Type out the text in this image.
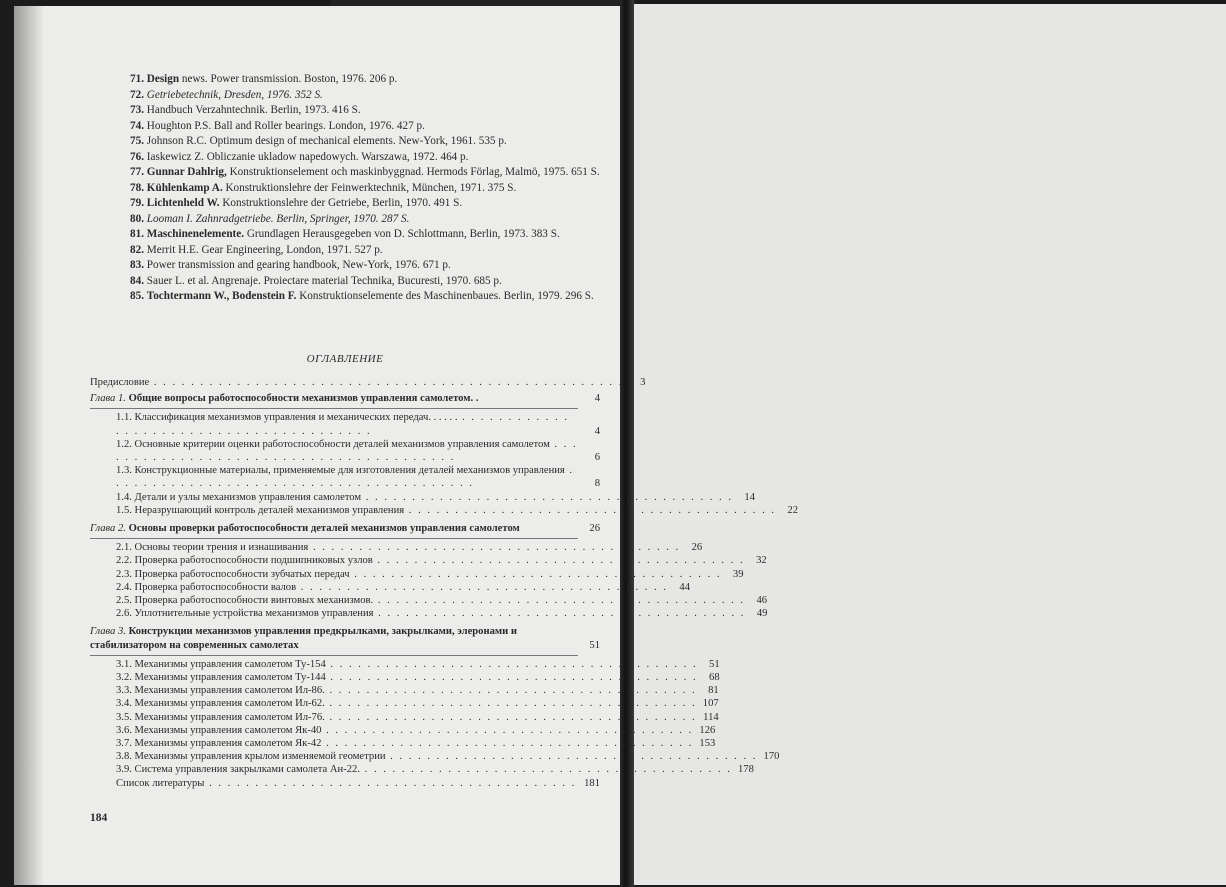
71. Design news. Power transmission. Boston, 1976. 206 p.

72. Getriebetechnik, Dresden, 1976. 352 S.

73. Handbuch Verzahntechnik. Berlin, 1973. 416 S.

74. Houghton P.S. Ball and Roller bearings. London, 1976. 427 p.

75. Johnson R.C. Optimum design of mechanical elements. New-York, 1961. 535 p.

76. Iaskewicz Z. Obliczanie ukladow napedowych. Warszawa, 1972. 464 p.

77. Gunnar Dahlrig, Konstruktionselement och maskinbyggnad. Hermods Förlag, Malmö, 1975. 651 S.

78. Kühlenkamp A. Konstruktionslehre der Feinwerktechnik, München, 1971. 375 S.

79. Lichtenheld W. Konstruktionslehre der Getriebe, Berlin, 1970. 491 S.

80. Looman I. Zahnradgetriebe. Berlin, Springer, 1970. 287 S.

81. Maschinenelemente. Grundlagen Herausgegeben von D. Schlottmann, Berlin, 1973. 383 S.

82. Merrit H.E. Gear Engineering, London, 1971. 527 p.

83. Power transmission and gearing handbook, New-York, 1976. 671 p.

84. Sauer L. et al. Angrenaje. Proiectare material Technika, Bucuresti, 1970. 685 p.

85. Tochtermann W., Bodenstein F. Konstruktionselemente des Maschinenbaues. Berlin, 1979. 296 S.

ОГЛАВЛЕНИЕ
Предисловие . . . . . . . . . . . . . . . . . . . . . . . . . . . . . . . . . . . . . . . . . . . . . . . . . . .	3
Глава 1. Общие вопросы работоспособности механизмов управления самолетом. .	4
1.1. Классификация механизмов управления и механических передач. . . . . . . . . . . . . . . . . . . . . . . . . . . . . . . . . . . . . . . . . . . . . .	4
1.2. Основные критерии оценки работоспособности деталей механизмов управления самолетом . . . . . . . . . . . . . . . . . . . . . . . . . . . . . . . . . . . . . . . .	6
1.3. Конструкционные материалы, применяемые для изготовления деталей механизмов управления . . . . . . . . . . . . . . . . . . . . . . . . . . . . . . . . . . . . . . . .	8
1.4. Детали и узлы механизмов управления самолетом . . . . . . . . . . . . . . . . . . . . . . . . . . . . . . . . . . . . . . . .	14
1.5. Неразрушающий контроль деталей механизмов управления . . . . . . . . . . . . . . . . . . . . . . . . . . . . . . . . . . . . . . . .	22
Глава 2. Основы проверки работоспособности деталей механизмов управления самолетом	26
2.1. Основы теории трения и изнашивания . . . . . . . . . . . . . . . . . . . . . . . . . . . . . . . . . . . . . . . .	26
2.2. Проверка работоспособности подшипниковых узлов . . . . . . . . . . . . . . . . . . . . . . . . . . . . . . . . . . . . . . . .	32
2.3. Проверка работоспособности зубчатых передач . . . . . . . . . . . . . . . . . . . . . . . . . . . . . . . . . . . . . . . .	39
2.4. Проверка работоспособности валов . . . . . . . . . . . . . . . . . . . . . . . . . . . . . . . . . . . . . . . .	44
2.5. Проверка работоспособности винтовых механизмов. . . . . . . . . . . . . . . . . . . . . . . . . . . . . . . . . . . . . . . . .	46
2.6. Уплотнительные устройства механизмов управления . . . . . . . . . . . . . . . . . . . . . . . . . . . . . . . . . . . . . . . .	49
Глава 3. Конструкции механизмов управления предкрылками, закрылками, элеронами и стабилизатором на современных самолетах	51
3.1. Механизмы управления самолетом Ту-154 . . . . . . . . . . . . . . . . . . . . . . . . . . . . . . . . . . . . . . . .	51
3.2. Механизмы управления самолетом Ту-144 . . . . . . . . . . . . . . . . . . . . . . . . . . . . . . . . . . . . . . . .	68
3.3. Механизмы управления самолетом Ил-86. . . . . . . . . . . . . . . . . . . . . . . . . . . . . . . . . . . . . . . . .	81
3.4. Механизмы управления самолетом Ил-62. . . . . . . . . . . . . . . . . . . . . . . . . . . . . . . . . . . . . . . . . 107
3.5. Механизмы управления самолетом Ил-76. . . . . . . . . . . . . . . . . . . . . . . . . . . . . . . . . . . . . . . . . 114
3.6. Механизмы управления самолетом Як-40 . . . . . . . . . . . . . . . . . . . . . . . . . . . . . . . . . . . . . . . . 126
3.7. Механизмы управления самолетом Як-42 . . . . . . . . . . . . . . . . . . . . . . . . . . . . . . . . . . . . . . . . 153
3.8. Механизмы управления крылом изменяемой геометрии . . . . . . . . . . . . . . . . . . . . . . . . . . . . . . . . . . . . . . . . 170
3.9. Система управления закрылками самолета Ан-22. . . . . . . . . . . . . . . . . . . . . . . . . . . . . . . . . . . . . . . . . 178
Список литературы . . . . . . . . . . . . . . . . . . . . . . . . . . . . . . . . . . . . . . . . 181
184
